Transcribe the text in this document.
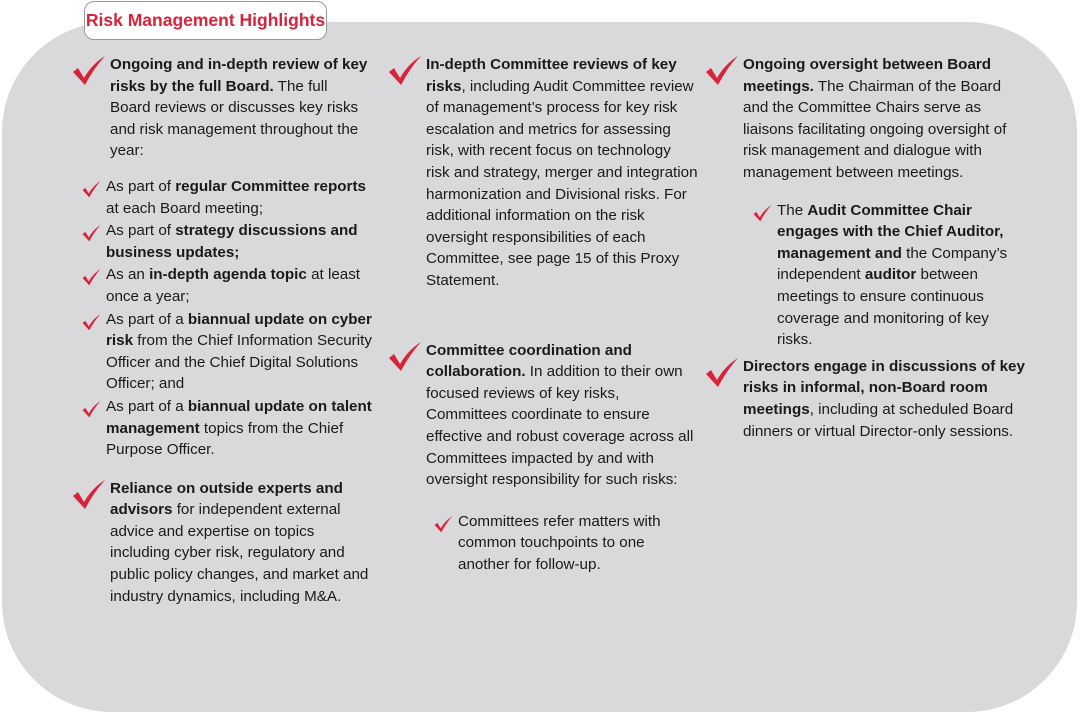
Risk Management Highlights

Ongoing and in-depth review of key risks by the full Board. The full Board reviews or discusses key risks and risk management throughout the year:

As part of regular Committee reports at each Board meeting;

As part of strategy discussions and business updates;

As an in-depth agenda topic at least once a year;

As part of a biannual update on cyber risk from the Chief Information Security Officer and the Chief Digital Solutions Officer; and

As part of a biannual update on talent management topics from the Chief Purpose Officer.

Reliance on outside experts and advisors for independent external advice and expertise on topics including cyber risk, regulatory and public policy changes, and market and industry dynamics, including M&A.

In-depth Committee reviews of key risks, including Audit Committee review of management’s process for key risk escalation and metrics for assessing risk, with recent focus on technology risk and strategy, merger and integration harmonization and Divisional risks. For additional information on the risk oversight responsibilities of each Committee, see page 15 of this Proxy Statement.

Committee coordination and collaboration. In addition to their own focused reviews of key risks, Committees coordinate to ensure effective and robust coverage across all Committees impacted by and with oversight responsibility for such risks:

Committees refer matters with common touchpoints to one another for follow-up.

Ongoing oversight between Board meetings. The Chairman of the Board and the Committee Chairs serve as liaisons facilitating ongoing oversight of risk management and dialogue with management between meetings.

The Audit Committee Chair engages with the Chief Auditor, management and the Company’s independent auditor between meetings to ensure continuous coverage and monitoring of key risks.

Directors engage in discussions of key risks in informal, non-Board room meetings, including at scheduled Board dinners or virtual Director-only sessions.
